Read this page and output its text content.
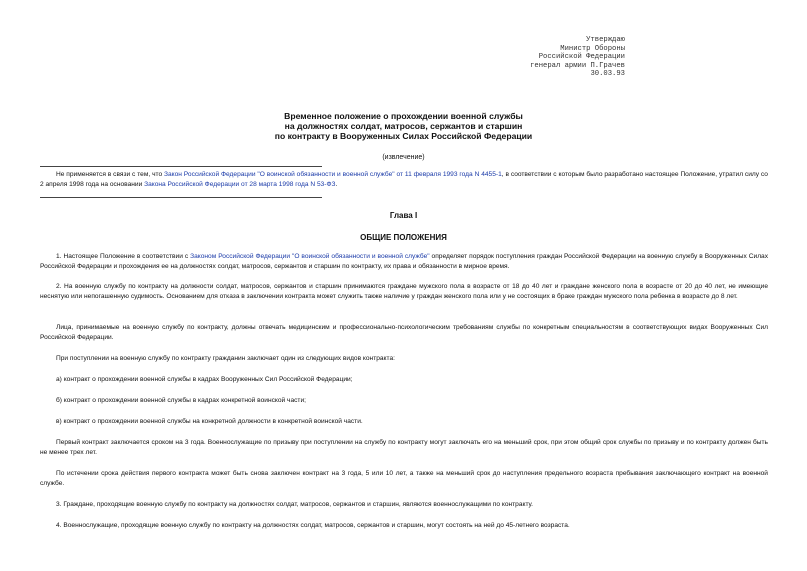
Утверждаю
Министр Обороны
Российской Федерации
генерал армии П.Грачев
30.03.93
Временное положение о прохождении военной службы
на должностях солдат, матросов, сержантов и старшин
по контракту в Вооруженных Силах Российской Федерации
(извлечение)

Не применяется в связи с тем, что Закон Российской Федерации "О воинской обязанности и военной службе" от 11 февраля 1993 года N 4455-1, в соответствии с которым было разработано настоящее Положение, утратил силу со 2 апреля 1998 года на основании Закона Российской Федерации от 28 марта 1998 года N 53-ФЗ.

Глава I
ОБЩИЕ ПОЛОЖЕНИЯ

1. Настоящее Положение в соответствии с Законом Российской Федерации "О воинской обязанности и военной службе" определяет порядок поступления граждан Российской Федерации на военную службу в Вооруженных Силах Российской Федерации и прохождения ее на должностях солдат, матросов, сержантов и старшин по контракту, их права и обязанности в мирное время.

2. На военную службу по контракту на должности солдат, матросов, сержантов и старшин принимаются граждане мужского пола в возрасте от 18 до 40 лет и граждане женского пола в возрасте от 20 до 40 лет, не имеющие неснятую или непогашенную судимость. Основанием для отказа в заключении контракта может служить также наличие у граждан женского пола или у не состоящих в браке граждан мужского пола ребенка в возрасте до 8 лет.

Лица, принимаемые на военную службу по контракту, должны отвечать медицинским и профессионально-психологическим требованиям службы по конкретным специальностям в соответствующих видах Вооруженных Сил Российской Федерации.

При поступлении на военную службу по контракту гражданин заключает один из следующих видов контракта:

а) контракт о прохождении военной службы в кадрах Вооруженных Сил Российской Федерации;

б) контракт о прохождении военной службы в кадрах конкретной воинской части;

в) контракт о прохождении военной службы на конкретной должности в конкретной воинской части.

Первый контракт заключается сроком на 3 года. Военнослужащие по призыву при поступлении на службу по контракту могут заключать его на меньший срок, при этом общий срок службы по призыву и по контракту должен быть не менее трех лет.

По истечении срока действия первого контракта может быть снова заключен контракт на 3 года, 5 или 10 лет, а также на меньший срок до наступления предельного возраста пребывания заключающего контракт на военной службе.

3. Граждане, проходящие военную службу по контракту на должностях солдат, матросов, сержантов и старшин, являются военнослужащими по контракту.

4. Военнослужащие, проходящие военную службу по контракту на должностях солдат, матросов, сержантов и старшин, могут состоять на ней до 45-летнего возраста.
